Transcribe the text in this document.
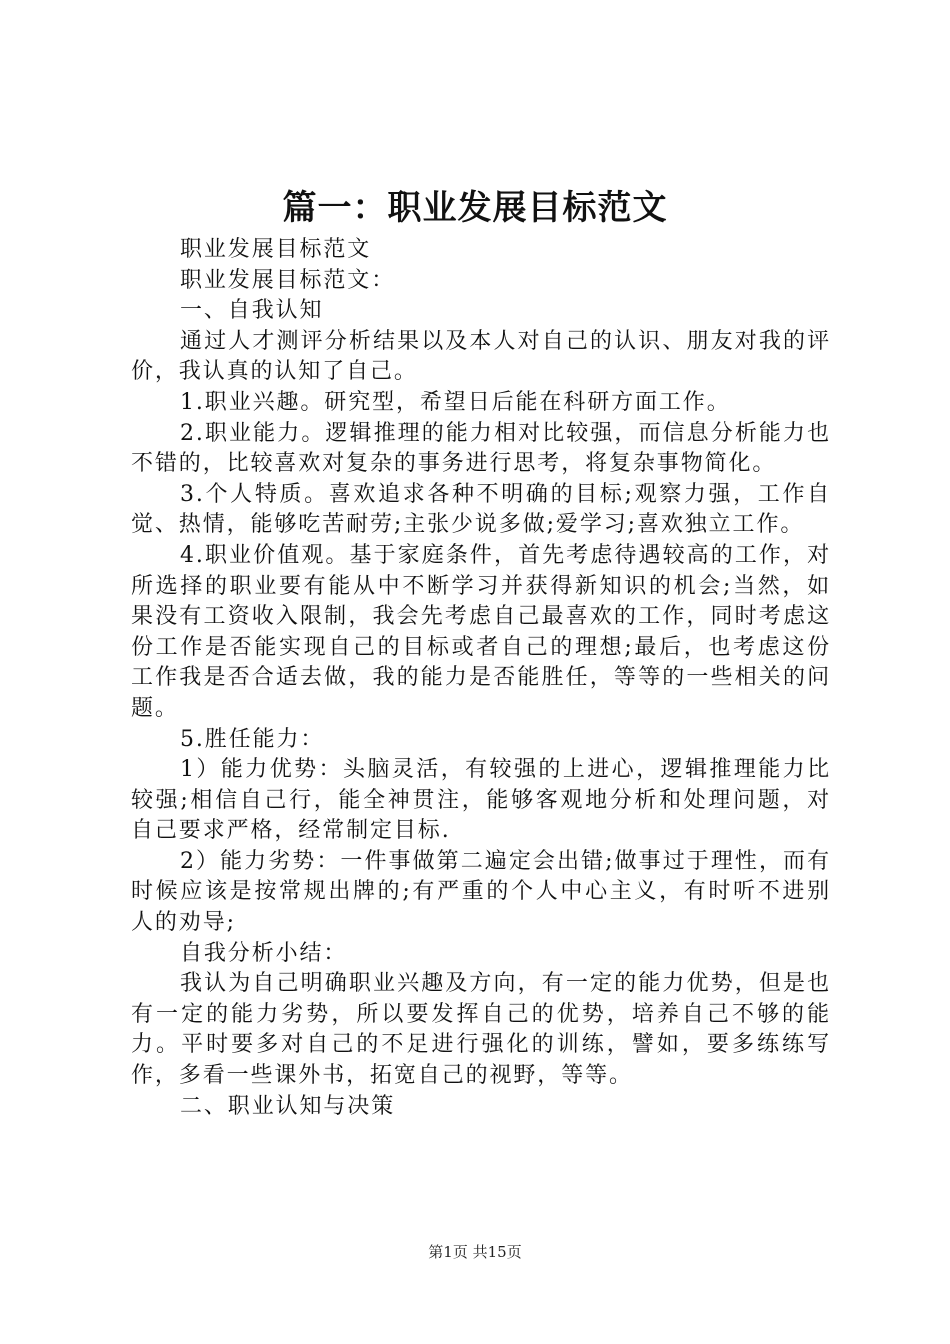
篇一：职业发展目标范文

职业发展目标范文

职业发展目标范文：

一、自我认知

通过人才测评分析结果以及本人对自己的认识、朋友对我的评价，我认真的认知了自己。

1.职业兴趣。研究型，希望日后能在科研方面工作。

2.职业能力。逻辑推理的能力相对比较强，而信息分析能力也不错的，比较喜欢对复杂的事务进行思考，将复杂事物简化。

3.个人特质。喜欢追求各种不明确的目标;观察力强，工作自觉、热情，能够吃苦耐劳;主张少说多做;爱学习;喜欢独立工作。

4.职业价值观。基于家庭条件，首先考虑待遇较高的工作，对所选择的职业要有能从中不断学习并获得新知识的机会;当然，如果没有工资收入限制，我会先考虑自己最喜欢的工作，同时考虑这份工作是否能实现自己的目标或者自己的理想;最后，也考虑这份工作我是否合适去做，我的能力是否能胜任，等等的一些相关的问题。

5.胜任能力：

1）能力优势：头脑灵活，有较强的上进心，逻辑推理能力比较强;相信自己行，能全神贯注，能够客观地分析和处理问题，对自己要求严格，经常制定目标.

2）能力劣势：一件事做第二遍定会出错;做事过于理性，而有时候应该是按常规出牌的;有严重的个人中心主义，有时听不进别人的劝导;

自我分析小结：

我认为自己明确职业兴趣及方向，有一定的能力优势，但是也有一定的能力劣势，所以要发挥自己的优势，培养自己不够的能力。平时要多对自己的不足进行强化的训练，譬如，要多练练写作，多看一些课外书，拓宽自己的视野，等等。

二、职业认知与决策

第1页 共15页
